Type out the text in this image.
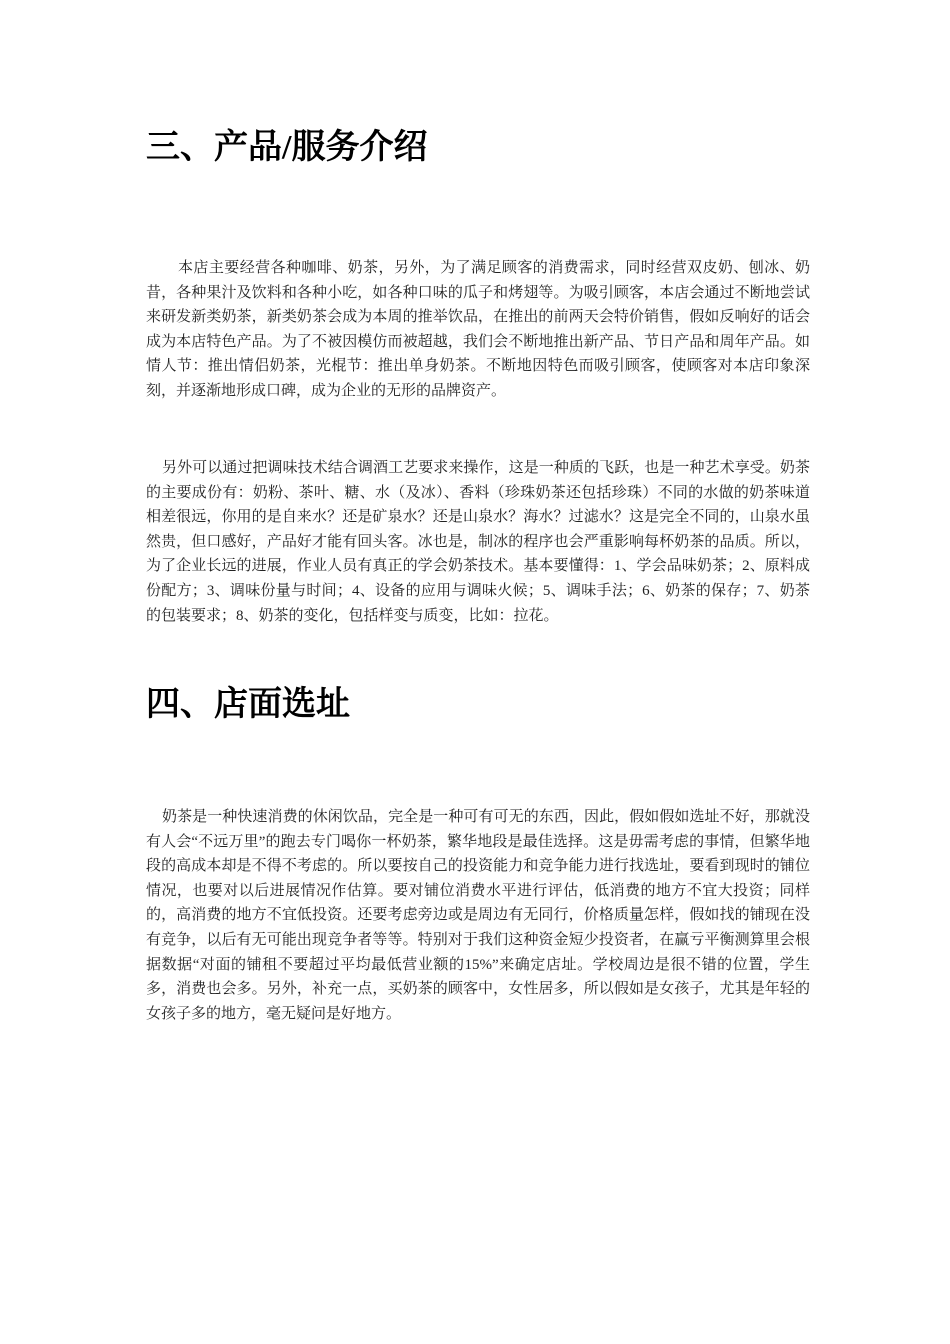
三、产品/服务介绍

本店主要经营各种咖啡、奶茶，另外，为了满足顾客的消费需求，同时经营双皮奶、刨冰、奶昔，各种果汁及饮料和各种小吃，如各种口味的瓜子和烤翅等。为吸引顾客，本店会通过不断地尝试来研发新类奶茶，新类奶茶会成为本周的推举饮品，在推出的前两天会特价销售，假如反响好的话会成为本店特色产品。为了不被因模仿而被超越，我们会不断地推出新产品、节日产品和周年产品。如情人节：推出情侣奶茶，光棍节：推出单身奶茶。不断地因特色而吸引顾客，使顾客对本店印象深刻，并逐渐地形成口碑，成为企业的无形的品牌资产。

另外可以通过把调味技术结合调酒工艺要求来操作，这是一种质的飞跃，也是一种艺术享受。奶茶的主要成份有：奶粉、茶叶、糖、水（及冰）、香料（珍珠奶茶还包括珍珠）不同的水做的奶茶味道相差很远，你用的是自来水？还是矿泉水？还是山泉水？海水？过滤水？这是完全不同的，山泉水虽然贵，但口感好，产品好才能有回头客。冰也是，制冰的程序也会严重影响每杯奶茶的品质。所以，为了企业长远的进展，作业人员有真正的学会奶茶技术。基本要懂得：1、学会品味奶茶；2、原料成份配方；3、调味份量与时间；4、设备的应用与调味火候；5、调味手法；6、奶茶的保存；7、奶茶的包装要求；8、奶茶的变化，包括样变与质变，比如：拉花。

四、店面选址

奶茶是一种快速消费的休闲饮品，完全是一种可有可无的东西，因此，假如假如选址不好，那就没有人会“不远万里”的跑去专门喝你一杯奶茶，繁华地段是最佳选择。这是毋需考虑的事情，但繁华地段的高成本却是不得不考虑的。所以要按自己的投资能力和竞争能力进行找选址，要看到现时的铺位情况，也要对以后进展情况作估算。要对铺位消费水平进行评估，低消费的地方不宜大投资；同样的，高消费的地方不宜低投资。还要考虑旁边或是周边有无同行，价格质量怎样，假如找的铺现在没有竞争，以后有无可能出现竞争者等等。特别对于我们这种资金短少投资者，在赢亏平衡测算里会根据数据“对面的铺租不要超过平均最低营业额的15%”来确定店址。学校周边是很不错的位置，学生多，消费也会多。另外，补充一点，买奶茶的顾客中，女性居多，所以假如是女孩子，尤其是年轻的女孩子多的地方，毫无疑问是好地方。
